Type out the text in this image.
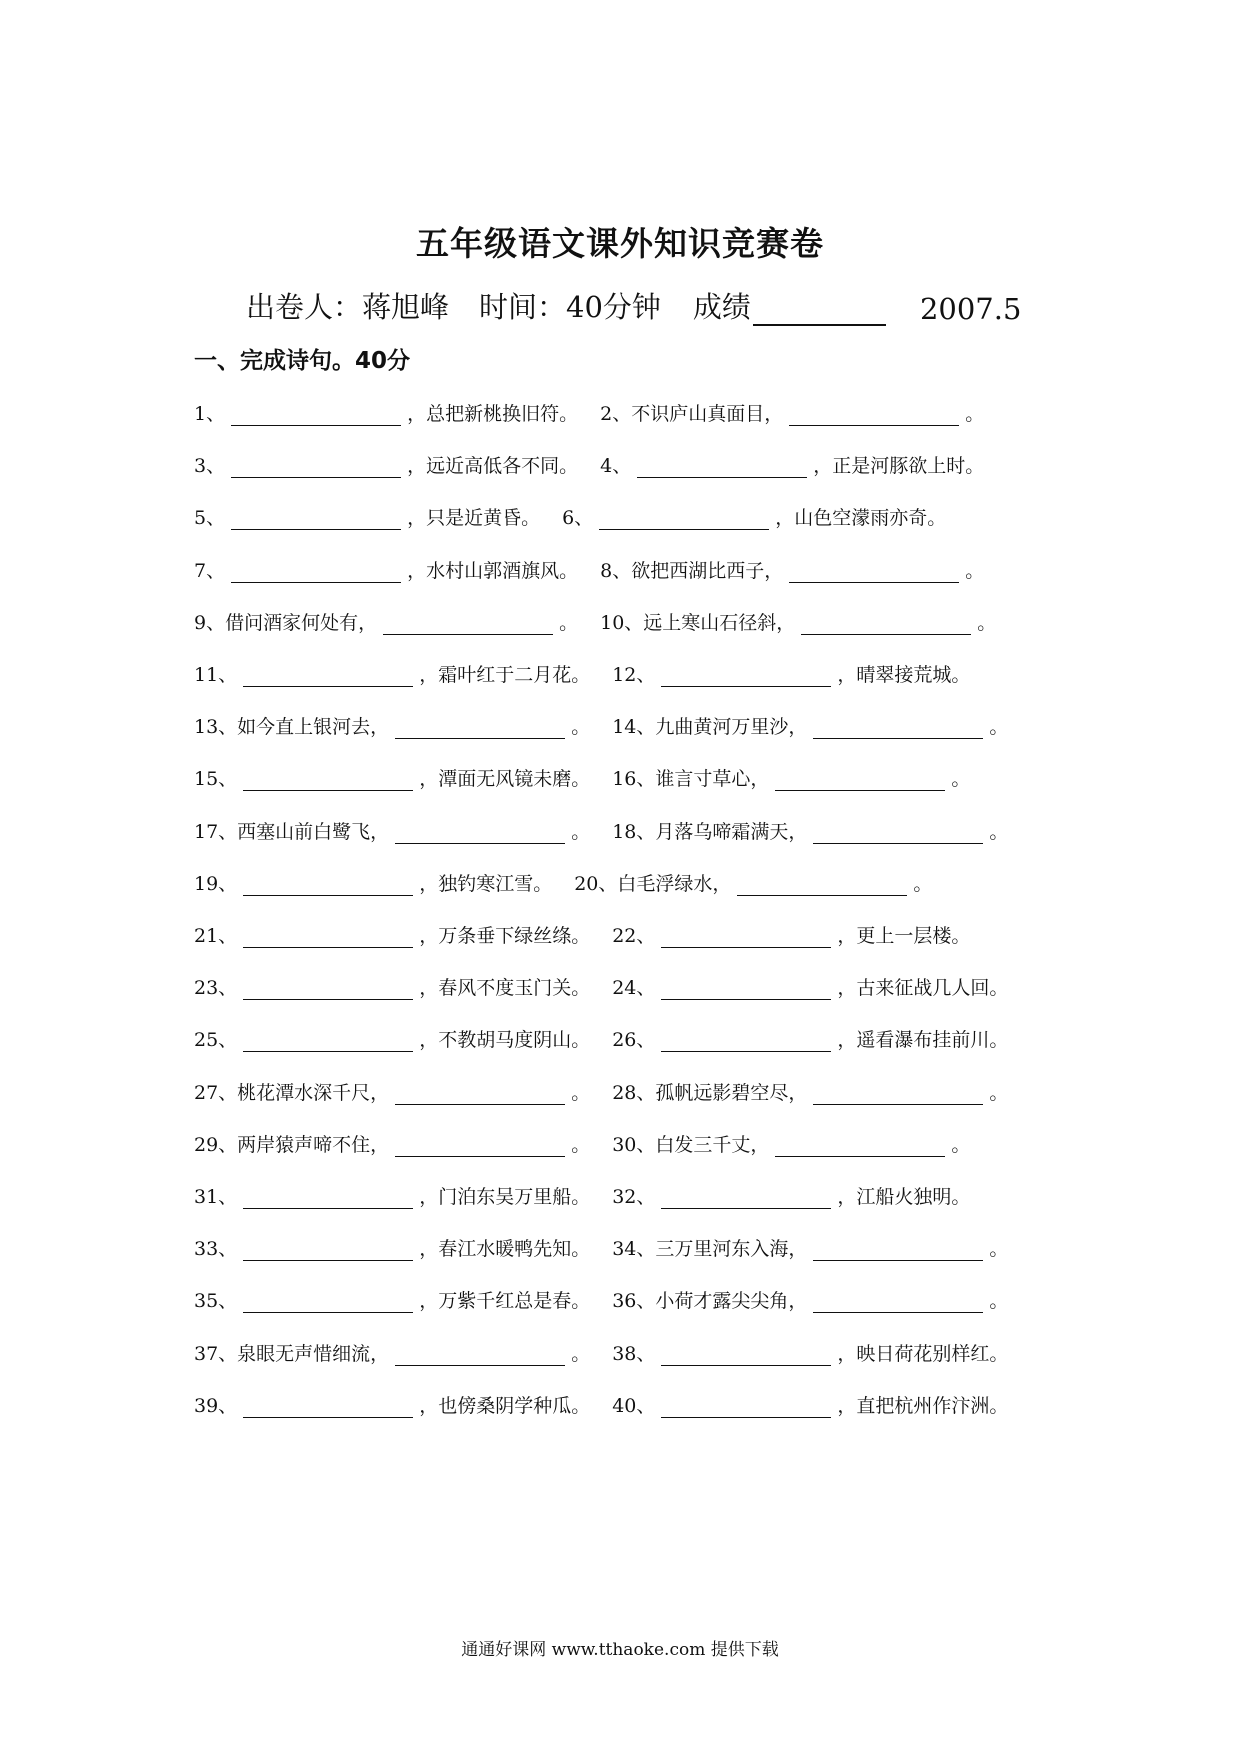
五年级语文课外知识竞赛卷
出卷人：蒋旭峰 时间：40分钟 成绩	2007.5
一、完成诗句。40分
1、	，总把新桃换旧符。 2、不识庐山真面目，	。
3、	，远近高低各不同。 4、	，正是河豚欲上时。
5、	，只是近黄昏。 6、	，山色空濛雨亦奇。
7、	，水村山郭酒旗风。 8、欲把西湖比西子，	。
9、借问酒家何处有，	。 10、远上寒山石径斜，	。
11、	，霜叶红于二月花。 12、	，晴翠接荒城。
13、如今直上银河去，	。 14、九曲黄河万里沙，	。
15、	，潭面无风镜未磨。 16、谁言寸草心，	。
17、西塞山前白鹭飞，	。 18、月落乌啼霜满天，	。
19、	，独钓寒江雪。 20、白毛浮绿水，	。
21、	，万条垂下绿丝绦。 22、	，更上一层楼。
23、	，春风不度玉门关。 24、	，古来征战几人回。
25、	，不教胡马度阴山。 26、	，遥看瀑布挂前川。
27、桃花潭水深千尺，	。 28、孤帆远影碧空尽，	。
29、两岸猿声啼不住，	。 30、白发三千丈，	。
31、	，门泊东吴万里船。 32、	，江船火独明。
33、	，春江水暖鸭先知。 34、三万里河东入海，	。
35、	，万紫千红总是春。 36、小荷才露尖尖角，	。
37、泉眼无声惜细流，	。 38、	，映日荷花别样红。
39、	，也傍桑阴学种瓜。 40、	，直把杭州作汴洲。
通通好课网 www.tthaoke.com 提供下载
